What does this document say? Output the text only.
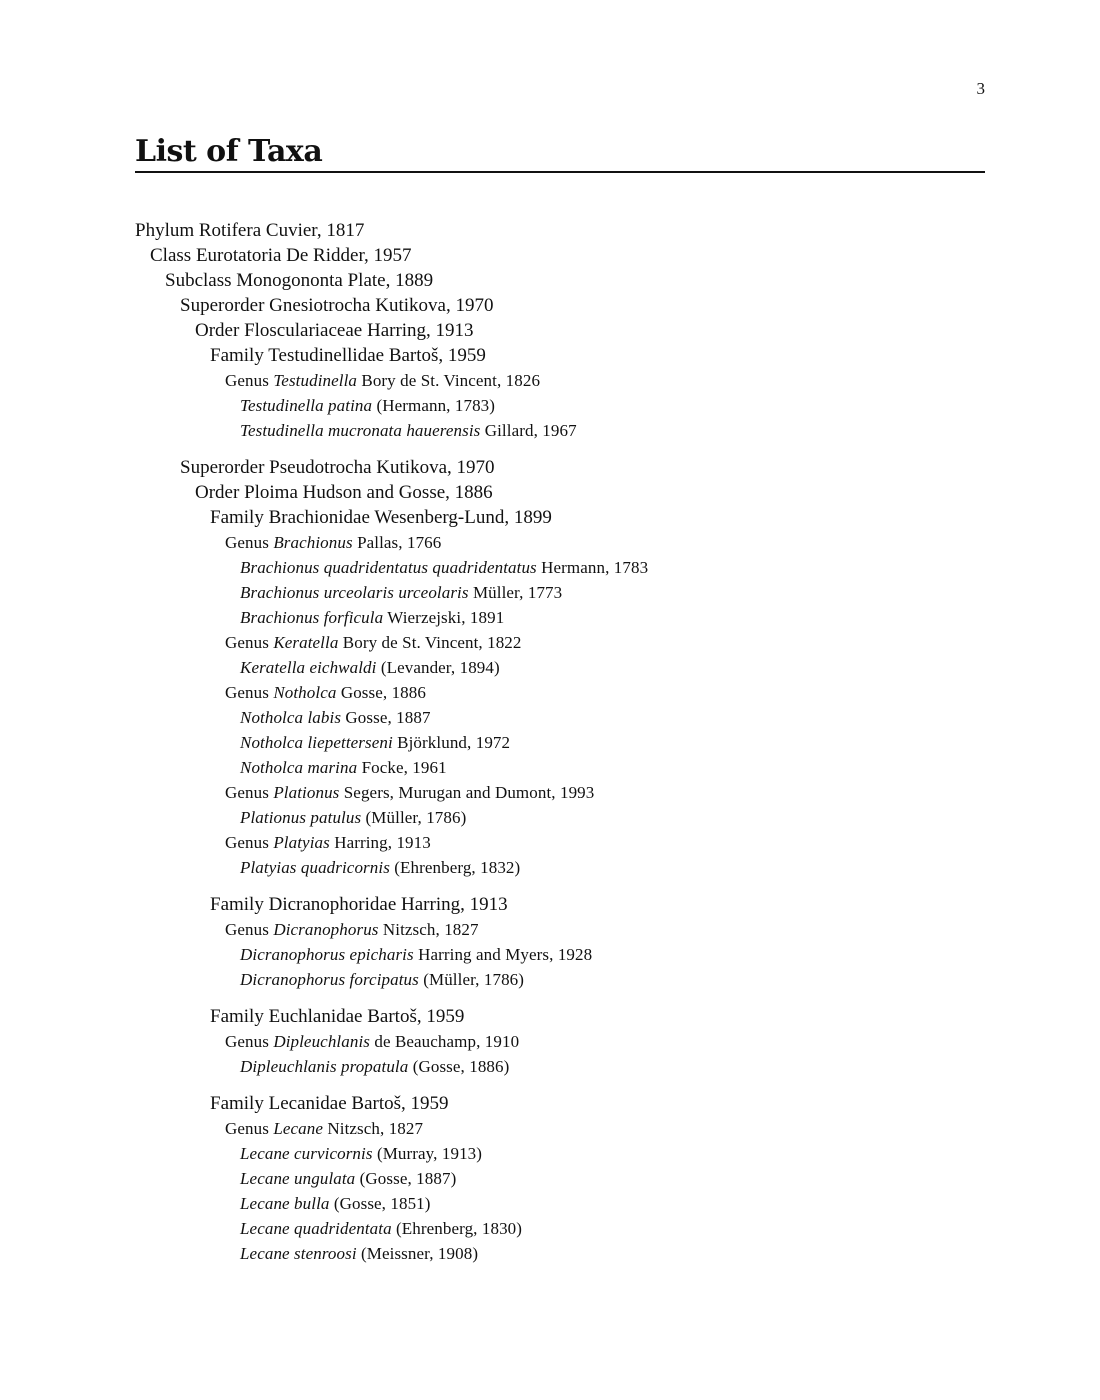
3
List of Taxa
Phylum Rotifera Cuvier, 1817
Class Eurotatoria De Ridder, 1957
Subclass Monogononta Plate, 1889
Superorder Gnesiotrocha Kutikova, 1970
Order Flosculariaceae Harring, 1913
Family Testudinellidae Bartoš, 1959
Genus Testudinella Bory de St. Vincent, 1826
Testudinella patina (Hermann, 1783)
Testudinella mucronata hauerensis Gillard, 1967
Superorder Pseudotrocha Kutikova, 1970
Order Ploima Hudson and Gosse, 1886
Family Brachionidae Wesenberg-Lund, 1899
Genus Brachionus Pallas, 1766
Brachionus quadridentatus quadridentatus Hermann, 1783
Brachionus urceolaris urceolaris Müller, 1773
Brachionus forficula Wierzejski, 1891
Genus Keratella Bory de St. Vincent, 1822
Keratella eichwaldi (Levander, 1894)
Genus Notholca Gosse, 1886
Notholca labis Gosse, 1887
Notholca liepetterseni Björklund, 1972
Notholca marina Focke, 1961
Genus Plationus Segers, Murugan and Dumont, 1993
Plationus patulus (Müller, 1786)
Genus Platyias Harring, 1913
Platyias quadricornis (Ehrenberg, 1832)
Family Dicranophoridae Harring, 1913
Genus Dicranophorus Nitzsch, 1827
Dicranophorus epicharis Harring and Myers, 1928
Dicranophorus forcipatus (Müller, 1786)
Family Euchlanidae Bartoš, 1959
Genus Dipleuchlanis de Beauchamp, 1910
Dipleuchlanis propatula (Gosse, 1886)
Family Lecanidae Bartoš, 1959
Genus Lecane Nitzsch, 1827
Lecane curvicornis (Murray, 1913)
Lecane ungulata (Gosse, 1887)
Lecane bulla (Gosse, 1851)
Lecane quadridentata (Ehrenberg, 1830)
Lecane stenroosi (Meissner, 1908)
